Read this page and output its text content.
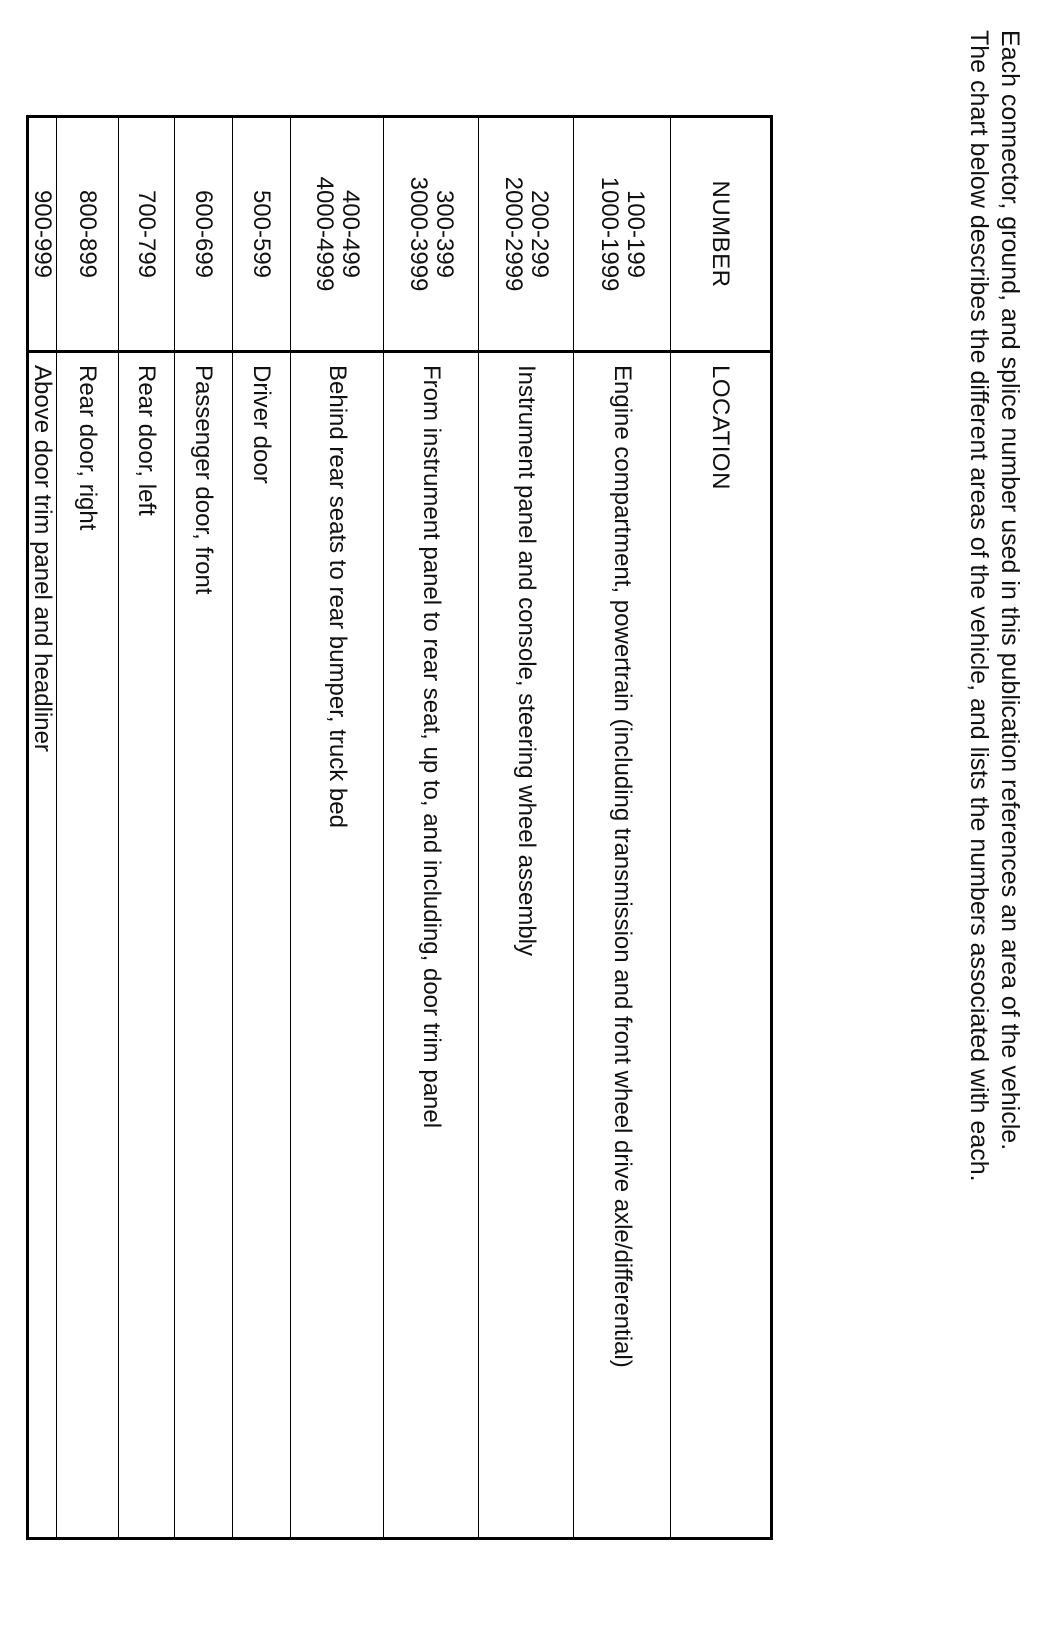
Each connector, ground, and splice number used in this publication references an area of the vehicle.

The chart below describes the different areas of the vehicle, and lists the numbers associated with each.

NUMBER
LOCATION
100-199
1000-1999
Engine compartment, powertrain (including transmission and front wheel drive axle/differential)
200-299
2000-2999
Instrument panel and console, steering wheel assembly
300-399
3000-3999
From instrument panel to rear seat, up to, and including, door trim panel
400-499
4000-4999
Behind rear seats to rear bumper, truck bed
500-599
Driver door
600-699
Passenger door, front
700-799
Rear door, left
800-899
Rear door, right
900-999
Above door trim panel and headliner
